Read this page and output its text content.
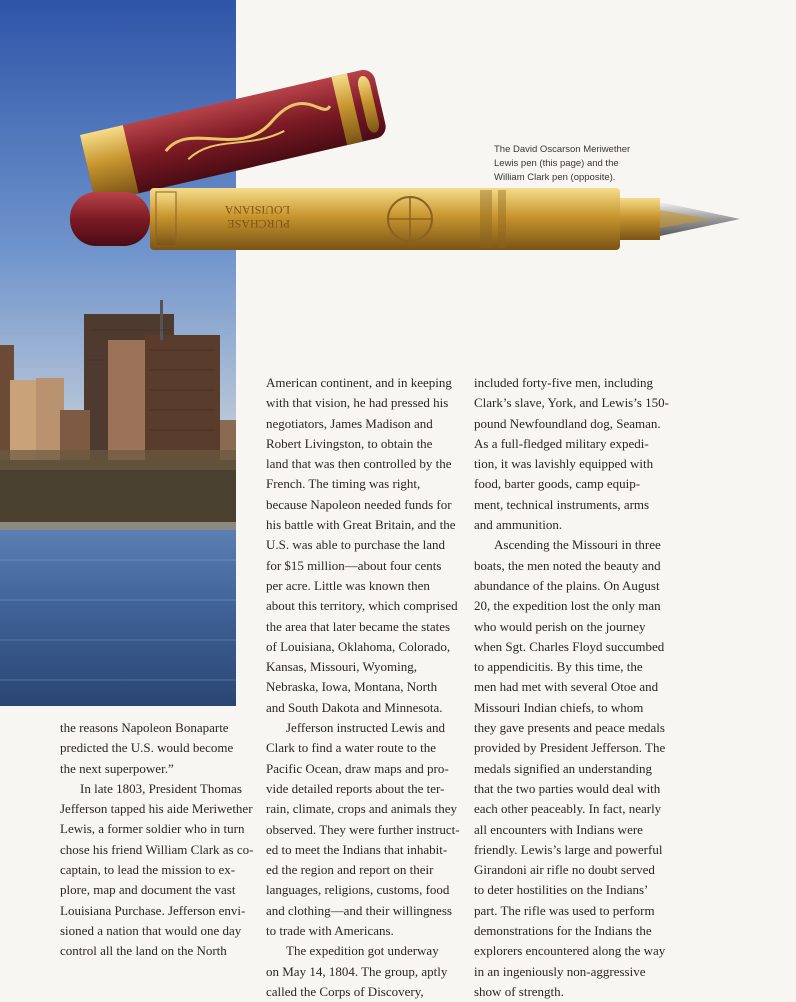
LOUISIANA
PURCHASE
The David Oscarson Meriwether
Lewis pen (this page) and the
William Clark pen (opposite).

the reasons Napoleon Bonaparte
predicted the U.S. would become
the next superpower.”

In late 1803, President Thomas
Jefferson tapped his aide Meriwether
Lewis, a former soldier who in turn
chose his friend William Clark as co-
captain, to lead the mission to ex-
plore, map and document the vast
Louisiana Purchase. Jefferson envi-
sioned a nation that would one day
control all the land on the North

American continent, and in keeping
with that vision, he had pressed his
negotiators, James Madison and
Robert Livingston, to obtain the
land that was then controlled by the
French. The timing was right,
because Napoleon needed funds for
his battle with Great Britain, and the
U.S. was able to purchase the land
for $15 million—about four cents
per acre. Little was known then
about this territory, which comprised
the area that later became the states
of Louisiana, Oklahoma, Colorado,
Kansas, Missouri, Wyoming,
Nebraska, Iowa, Montana, North
and South Dakota and Minnesota.

Jefferson instructed Lewis and
Clark to find a water route to the
Pacific Ocean, draw maps and pro-
vide detailed reports about the ter-
rain, climate, crops and animals they
observed. They were further instruct-
ed to meet the Indians that inhabit-
ed the region and report on their
languages, religions, customs, food
and clothing—and their willingness
to trade with Americans.

The expedition got underway
on May 14, 1804. The group, aptly
called the Corps of Discovery,

included forty-five men, including
Clark’s slave, York, and Lewis’s 150-
pound Newfoundland dog, Seaman.
As a full-fledged military expedi-
tion, it was lavishly equipped with
food, barter goods, camp equip-
ment, technical instruments, arms
and ammunition.

Ascending the Missouri in three
boats, the men noted the beauty and
abundance of the plains. On August
20, the expedition lost the only man
who would perish on the journey
when Sgt. Charles Floyd succumbed
to appendicitis. By this time, the
men had met with several Otoe and
Missouri Indian chiefs, to whom
they gave presents and peace medals
provided by President Jefferson. The
medals signified an understanding
that the two parties would deal with
each other peaceably. In fact, nearly
all encounters with Indians were
friendly. Lewis’s large and powerful
Girandoni air rifle no doubt served
to deter hostilities on the Indians’
part. The rifle was used to perform
demonstrations for the Indians the
explorers encountered along the way
in an ingeniously non-aggressive
show of strength.
